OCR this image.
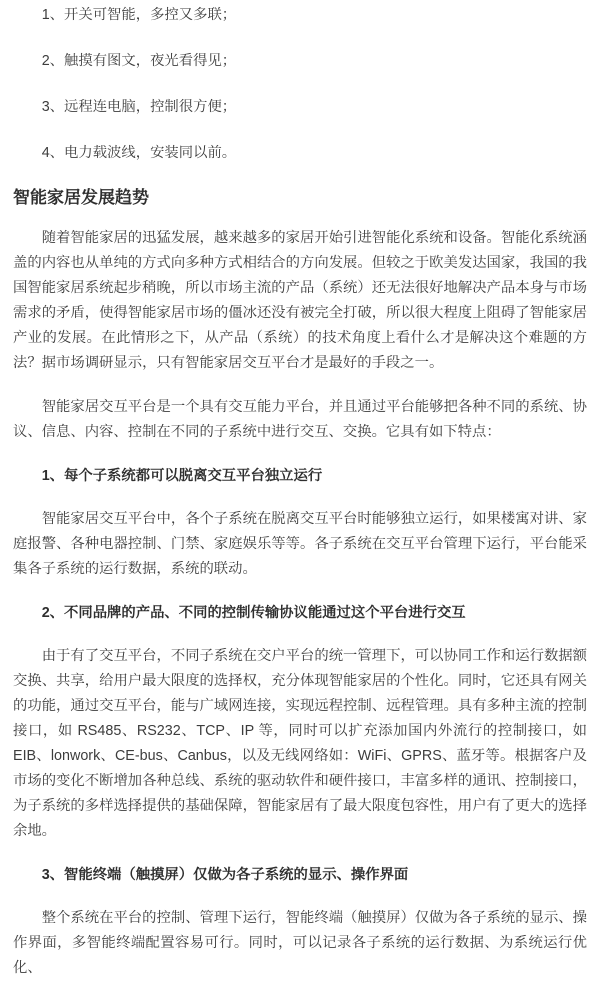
1、开关可智能，多控又多联；

2、触摸有图文，夜光看得见；

3、远程连电脑，控制很方便；

4、电力载波线，安装同以前。

智能家居发展趋势

随着智能家居的迅猛发展，越来越多的家居开始引进智能化系统和设备。智能化系统涵盖的内容也从单纯的方式向多种方式相结合的方向发展。但较之于欧美发达国家，我国的我国智能家居系统起步稍晚，所以市场主流的产品（系统）还无法很好地解决产品本身与市场需求的矛盾，使得智能家居市场的僵冰还没有被完全打破，所以很大程度上阻碍了智能家居产业的发展。在此情形之下，从产品（系统）的技术角度上看什么才是解决这个难题的方法？据市场调研显示，只有智能家居交互平台才是最好的手段之一。

智能家居交互平台是一个具有交互能力平台，并且通过平台能够把各种不同的系统、协议、信息、内容、控制在不同的子系统中进行交互、交换。它具有如下特点：

1、每个子系统都可以脱离交互平台独立运行

智能家居交互平台中，各个子系统在脱离交互平台时能够独立运行，如果楼寓对讲、家庭报警、各种电器控制、门禁、家庭娱乐等等。各子系统在交互平台管理下运行，平台能采集各子系统的运行数据，系统的联动。

2、不同品牌的产品、不同的控制传输协议能通过这个平台进行交互

由于有了交互平台，不同子系统在交户平台的统一管理下，可以协同工作和运行数据额交换、共享，给用户最大限度的选择权，充分体现智能家居的个性化。同时，它还具有网关的功能，通过交互平台，能与广域网连接，实现远程控制、远程管理。具有多种主流的控制接口，如 RS485、RS232、TCP、IP 等，同时可以扩充添加国内外流行的控制接口，如 EIB、lonwork、CE-bus、Canbus，以及无线网络如：WiFi、GPRS、蓝牙等。根据客户及市场的变化不断增加各种总线、系统的驱动软件和硬件接口，丰富多样的通讯、控制接口，为子系统的多样选择提供的基础保障，智能家居有了最大限度包容性，用户有了更大的选择余地。

3、智能终端（触摸屏）仅做为各子系统的显示、操作界面

整个系统在平台的控制、管理下运行，智能终端（触摸屏）仅做为各子系统的显示、操作界面，多智能终端配置容易可行。同时，可以记录各子系统的运行数据、为系统运行优化、
